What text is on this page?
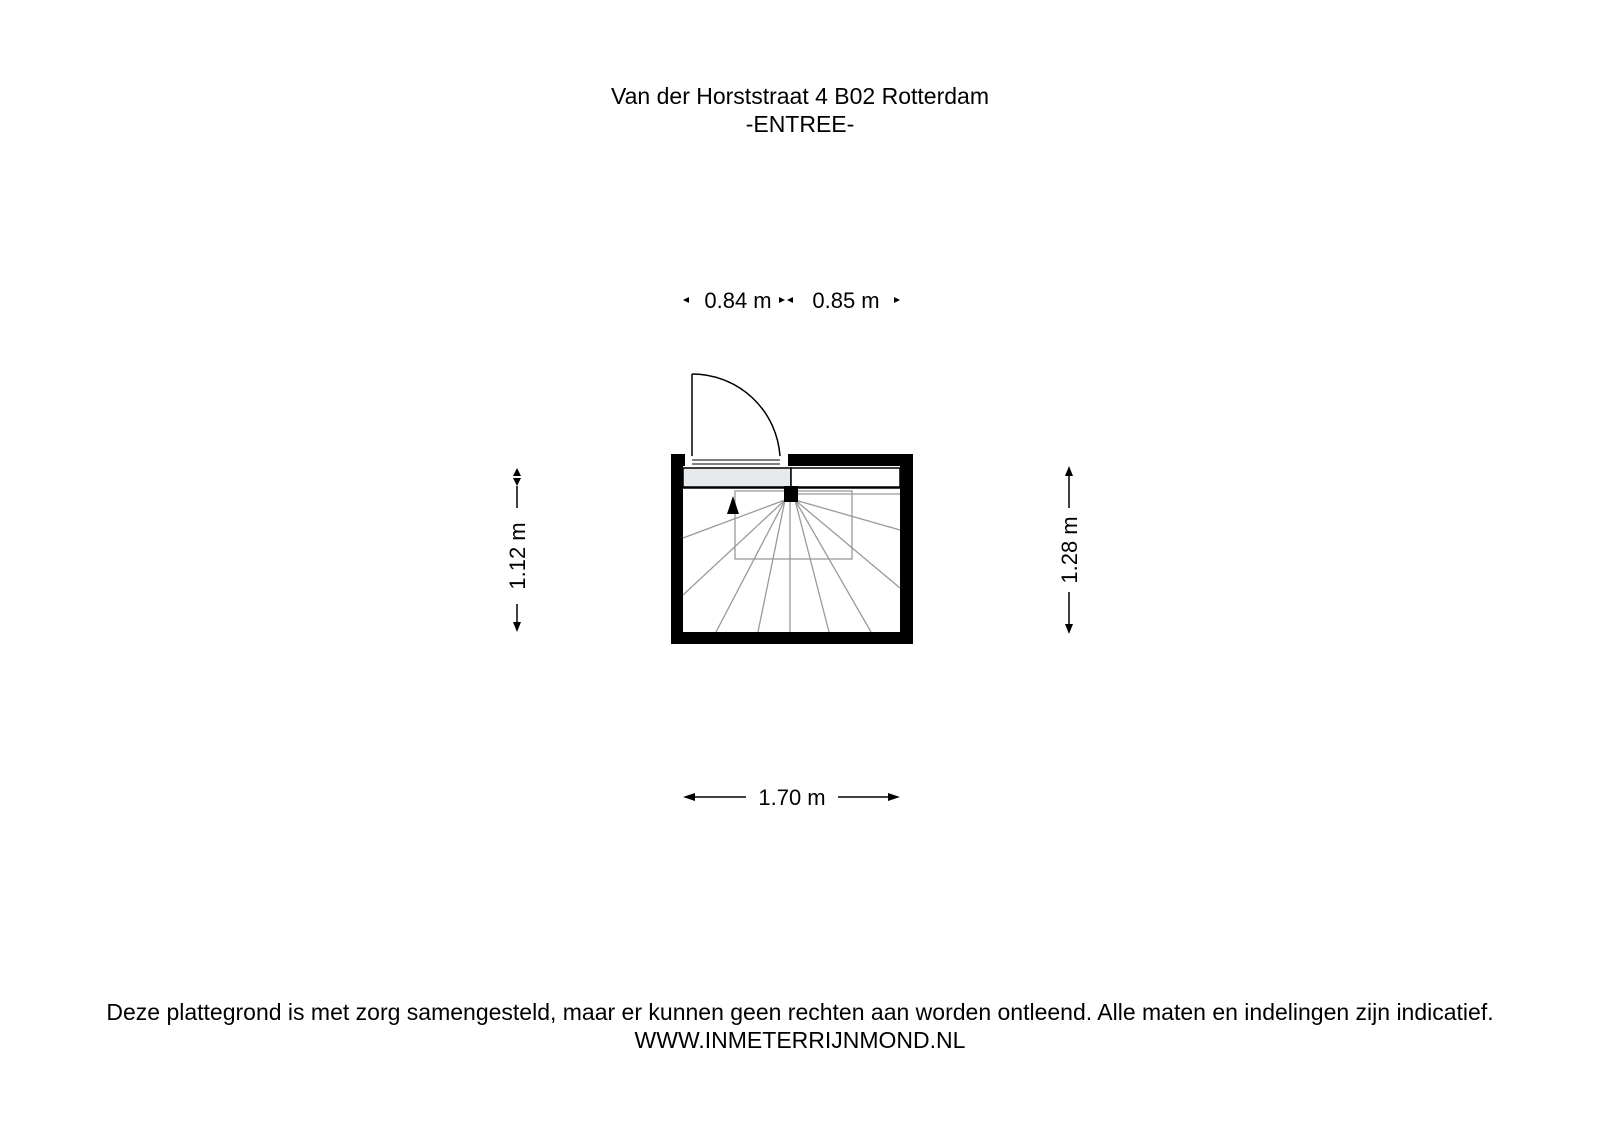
Van der Horststraat 4 B02 Rotterdam
-ENTREE-
0.84 m 0.85 m
1.12 m	1.28 m
1.70 m
Deze plattegrond is met zorg samengesteld, maar er kunnen geen rechten aan worden ontleend. Alle maten en indelingen zijn indicatief.
WWW.INMETERRIJNMOND.NL
